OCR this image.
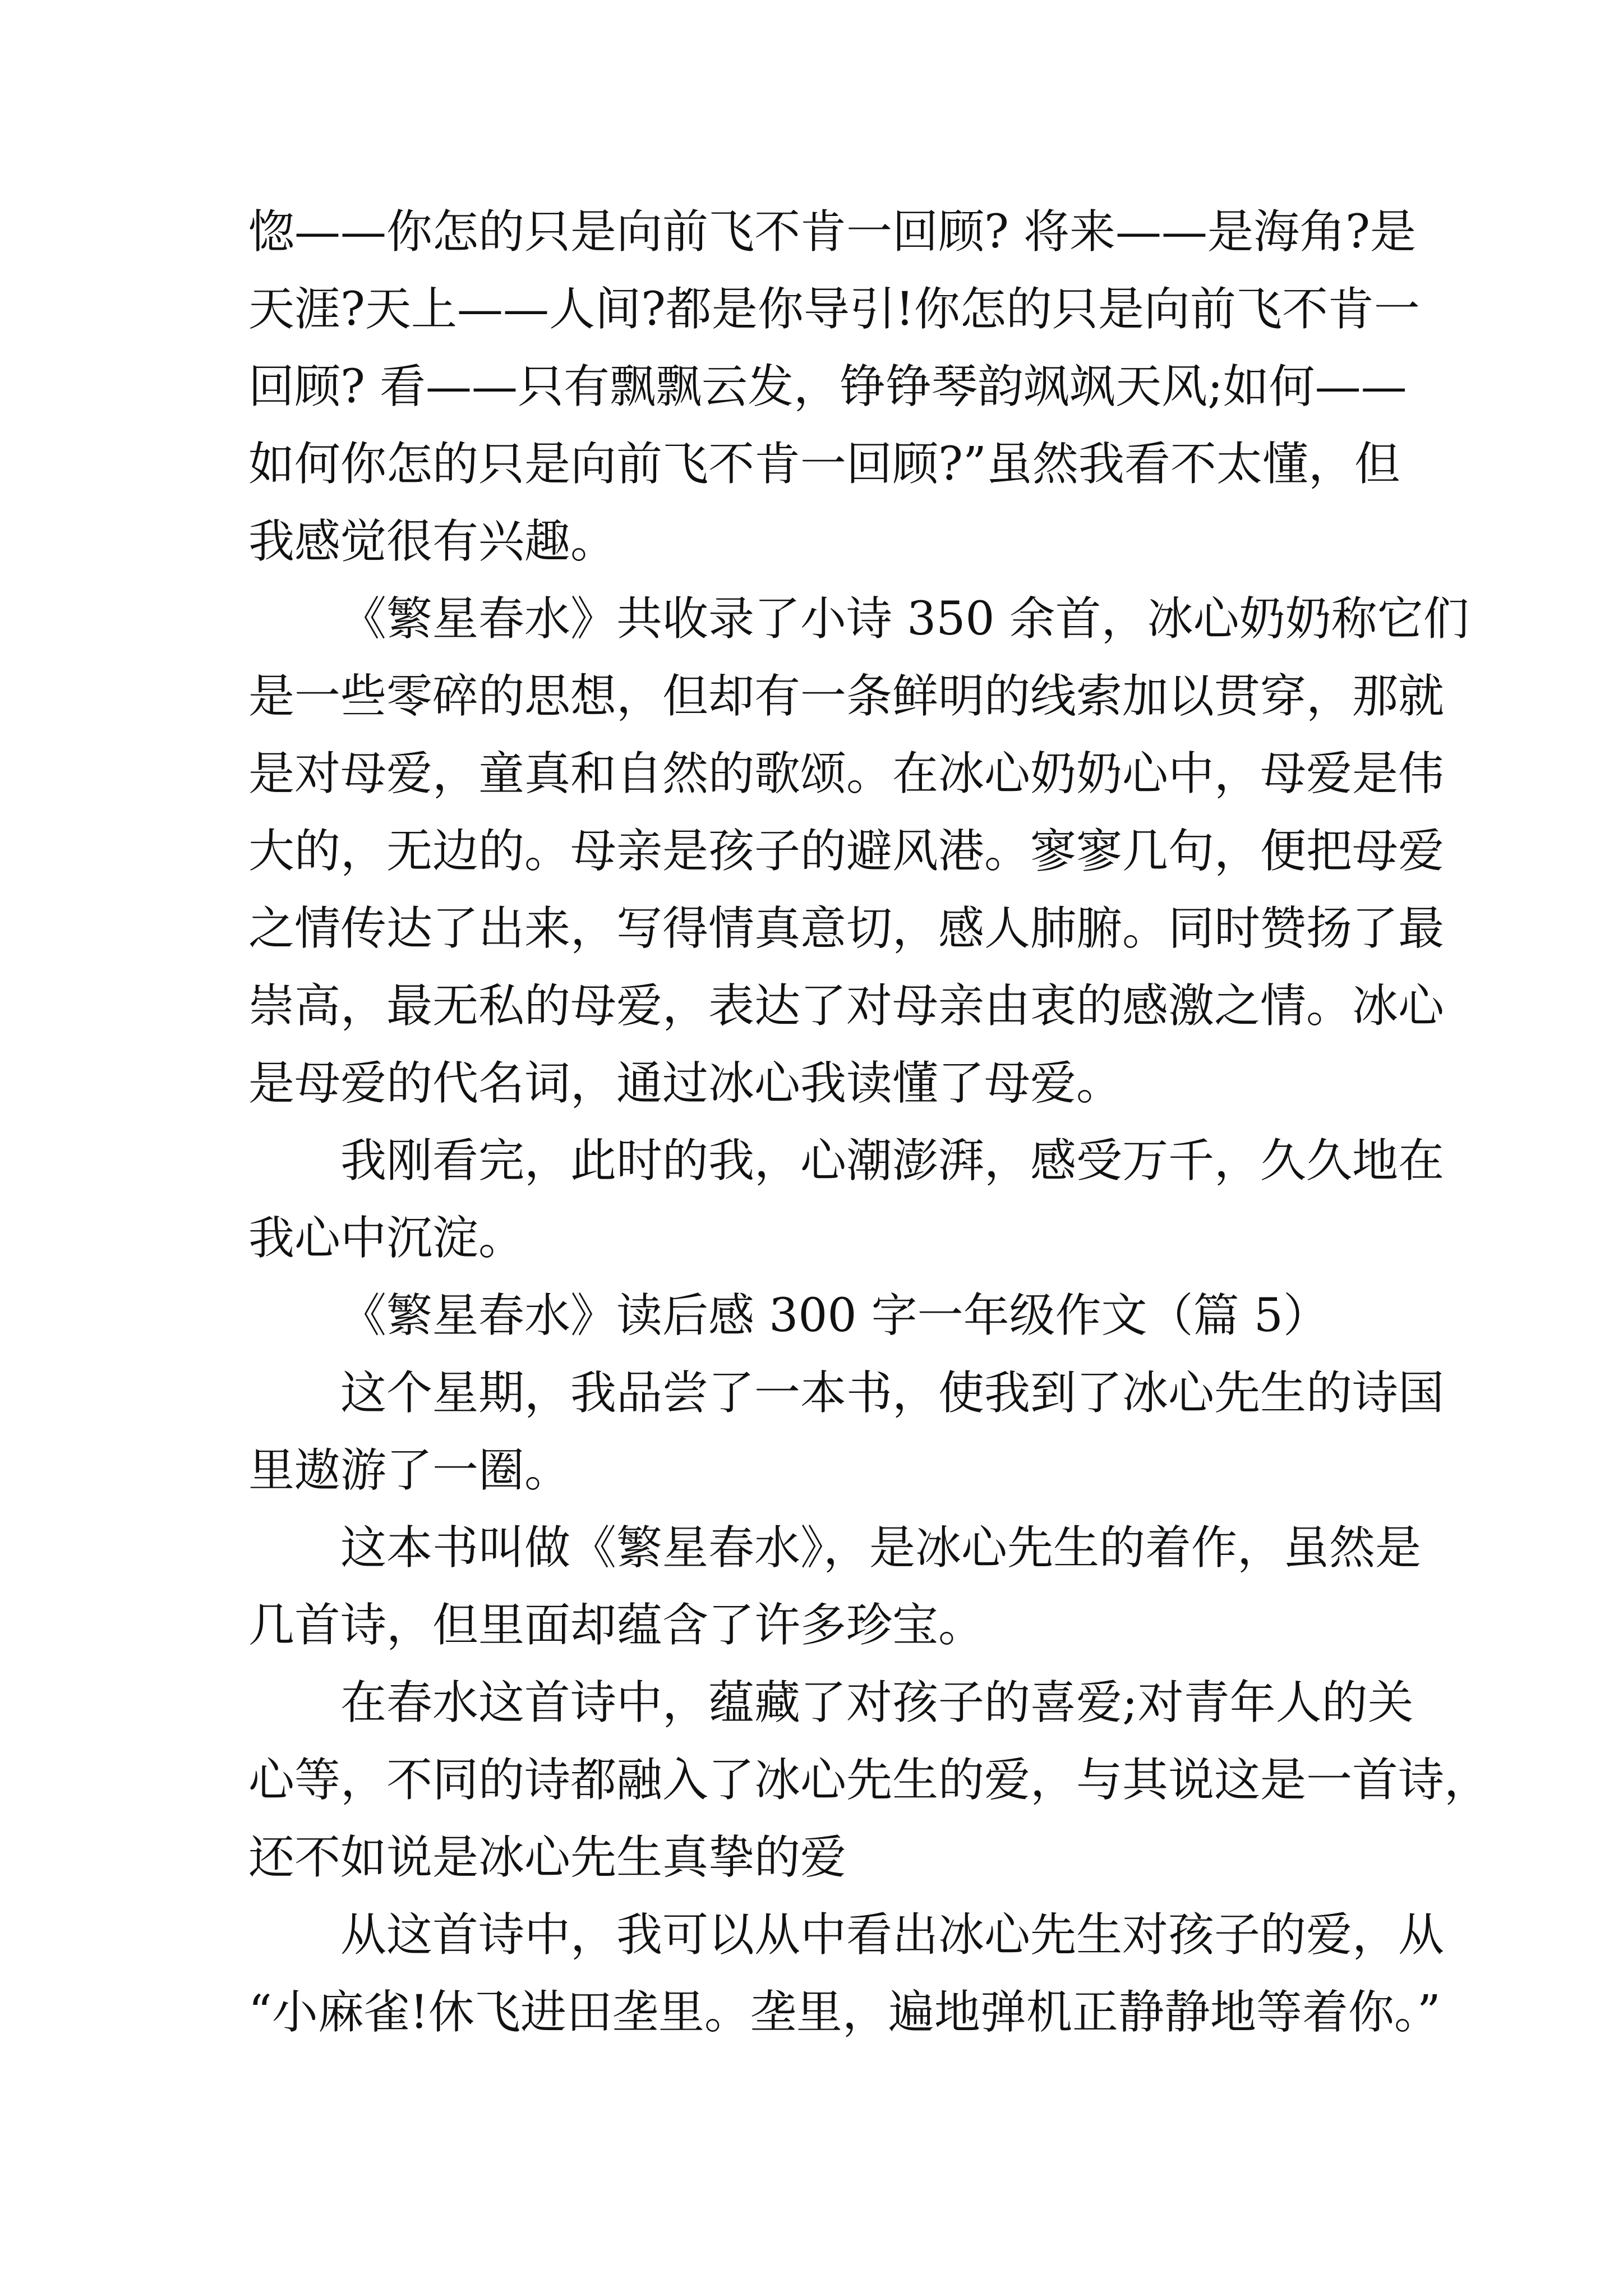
惚——你怎的只是向前飞不肯一回顾? 将来——是海角?是
天涯?天上——人间?都是你导引!你怎的只是向前飞不肯一
回顾? 看——只有飘飘云发，铮铮琴韵飒飒天风;如何——
如何你怎的只是向前飞不肯一回顾?”虽然我看不太懂，但
我感觉很有兴趣。
《繁星春水》共收录了小诗 350 余首，冰心奶奶称它们
是一些零碎的思想，但却有一条鲜明的线索加以贯穿，那就
是对母爱，童真和自然的歌颂。在冰心奶奶心中，母爱是伟
大的，无边的。母亲是孩子的避风港。寥寥几句，便把母爱
之情传达了出来，写得情真意切，感人肺腑。同时赞扬了最
崇高，最无私的母爱，表达了对母亲由衷的感激之情。冰心
是母爱的代名词，通过冰心我读懂了母爱。
我刚看完，此时的我，心潮澎湃，感受万千，久久地在
我心中沉淀。
《繁星春水》读后感 300 字一年级作文（篇 5）
这个星期，我品尝了一本书，使我到了冰心先生的诗国
里遨游了一圈。
这本书叫做《繁星春水》，是冰心先生的着作，虽然是
几首诗，但里面却蕴含了许多珍宝。
在春水这首诗中，蕴藏了对孩子的喜爱;对青年人的关
心等，不同的诗都融入了冰心先生的爱，与其说这是一首诗，
还不如说是冰心先生真挚的爱
从这首诗中，我可以从中看出冰心先生对孩子的爱，从
“小麻雀!休飞进田垄里。垄里，遍地弹机正静静地等着你。”
